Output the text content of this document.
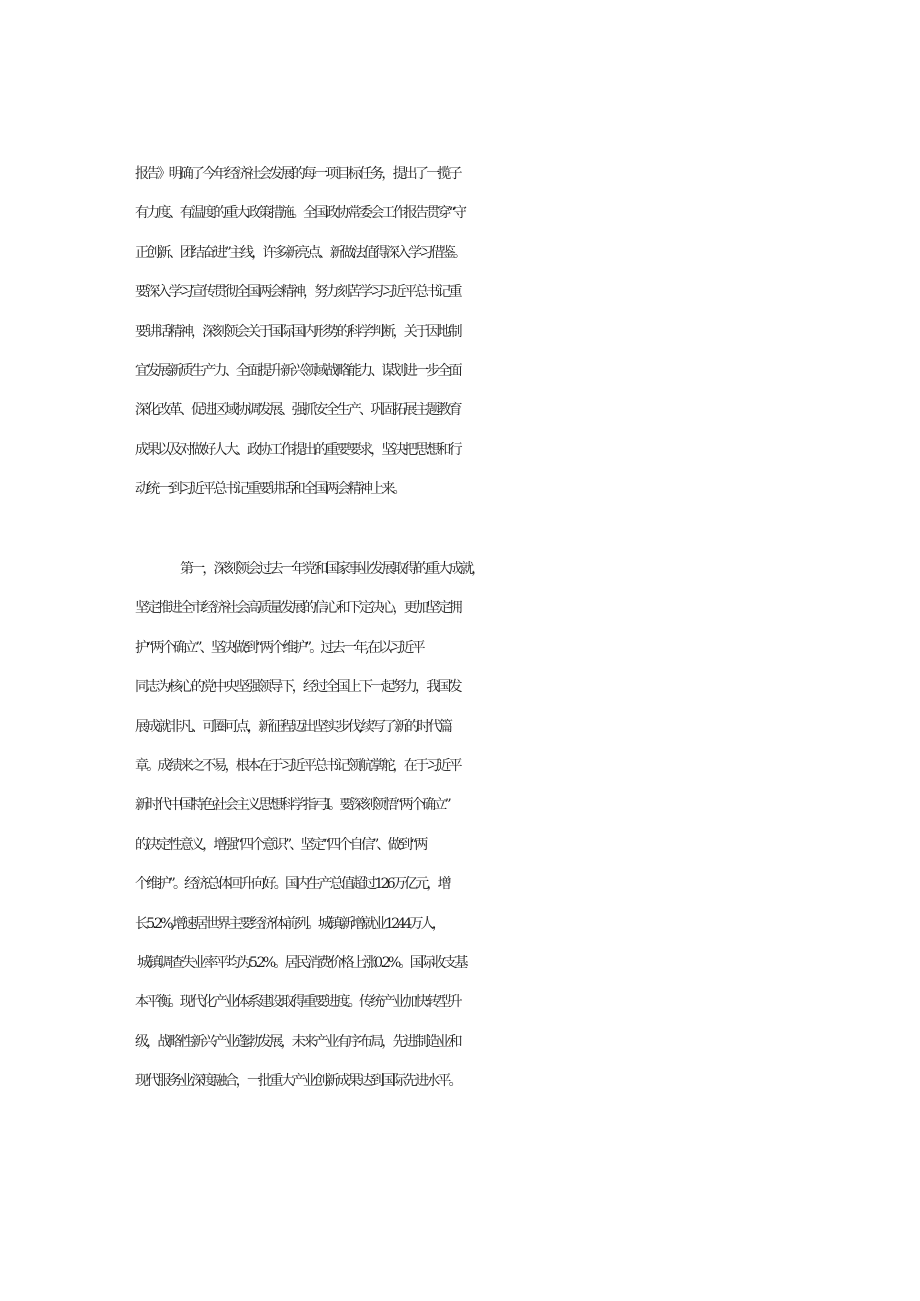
报告》明确了今年经济社会发展的每一项目标任务，提出了一揽子
有力度、有温度的重大政策措施。全国政协常委会工作报告贯穿“守
正创新、团结奋进”主线，许多新亮点、新做法值得深入学习借鉴。
要深入学习宣传贯彻全国两会精神，努力刻苦学习习近平总书记重
要讲话精神，深刻领会关于国际国内形势的科学判断，关于因地制
宜发展新质生产力、全面提升新兴领域战略能力、谋划进一步全面
深化改革、促进区域协调发展、强抓安全生产、巩固拓展主题教育
成果以及对做好人大、政协工作提出的重要要求，坚决把思想和行
动统一到习近平总书记重要讲话和全国两会精神上来。
第一，深刻领会过去一年党和国家事业发展取得的重大成就，
坚定推进全市经济社会高质量发展的信心和下定决心，更加坚定拥
护“两个确立”、坚决做到“两个维护”。过去一年,在以习近平
同志为核心的党中央坚强领导下，经过全国上下一起努力，我国发
展成就非凡、可圈可点，新征程迈出坚实步伐,续写了新的时代篇
章。成绩来之不易，根本在于习近平总书记领航掌舵，在于习近平
新时代中国特色社会主义思想科学指弓I。要深刻领悟“两个确立”
的决定性意义，增强“四个意识”、坚定“四个自信”、做到“两
个维护”。经济总体回升向好。国内生产总值超过126万亿元，增
长5.2%,增速居世界主要经济体前列。城镇新增就业1244万人，
城镇调查失业率平均为5.2%。居民消费价格上涨0.2%。国际收支基
本平衡。现代化产业体系建设取得重要进度。传统产业加快转型升
级，战略性新兴产业蓬勃发展，未来产业有序布局，先进制造业和
现代服务业深度融合，一批重大产业创新成果达到国际先进水平。
